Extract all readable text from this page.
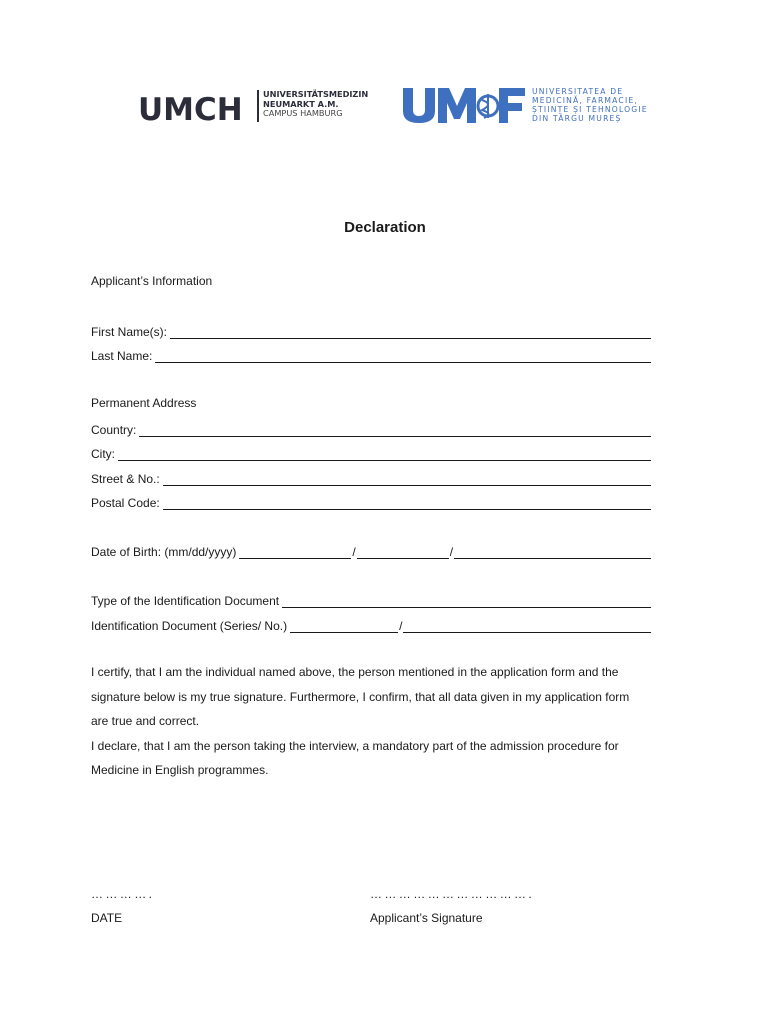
UMCH UNIVERSITÄTSMEDIZIN
NEUMARKT A.M.
CAMPUS HAMBURG
UNIVERSITATEA DE
MEDICINĂ, FARMACIE,
ȘTIINȚE ȘI TEHNOLOGIE
DIN TÂRGU MUREȘ
Declaration
Applicant’s Information
First Name(s):
Last Name:
Permanent Address
Country:
City:
Street & No.:
Postal Code:
Date of Birth: (mm/dd/yyyy)	/	/
Type of the Identification Document
Identification Document (Series/ No.)	/

I certify, that I am the individual named above, the person mentioned in the application form and the

signature below is my true signature. Furthermore, I confirm, that all data given in my application form

are true and correct.

I declare, that I am the person taking the interview, a mandatory part of the admission procedure for

Medicine in English programmes.

………….	…………………………….
DATE	Applicant’s Signature
